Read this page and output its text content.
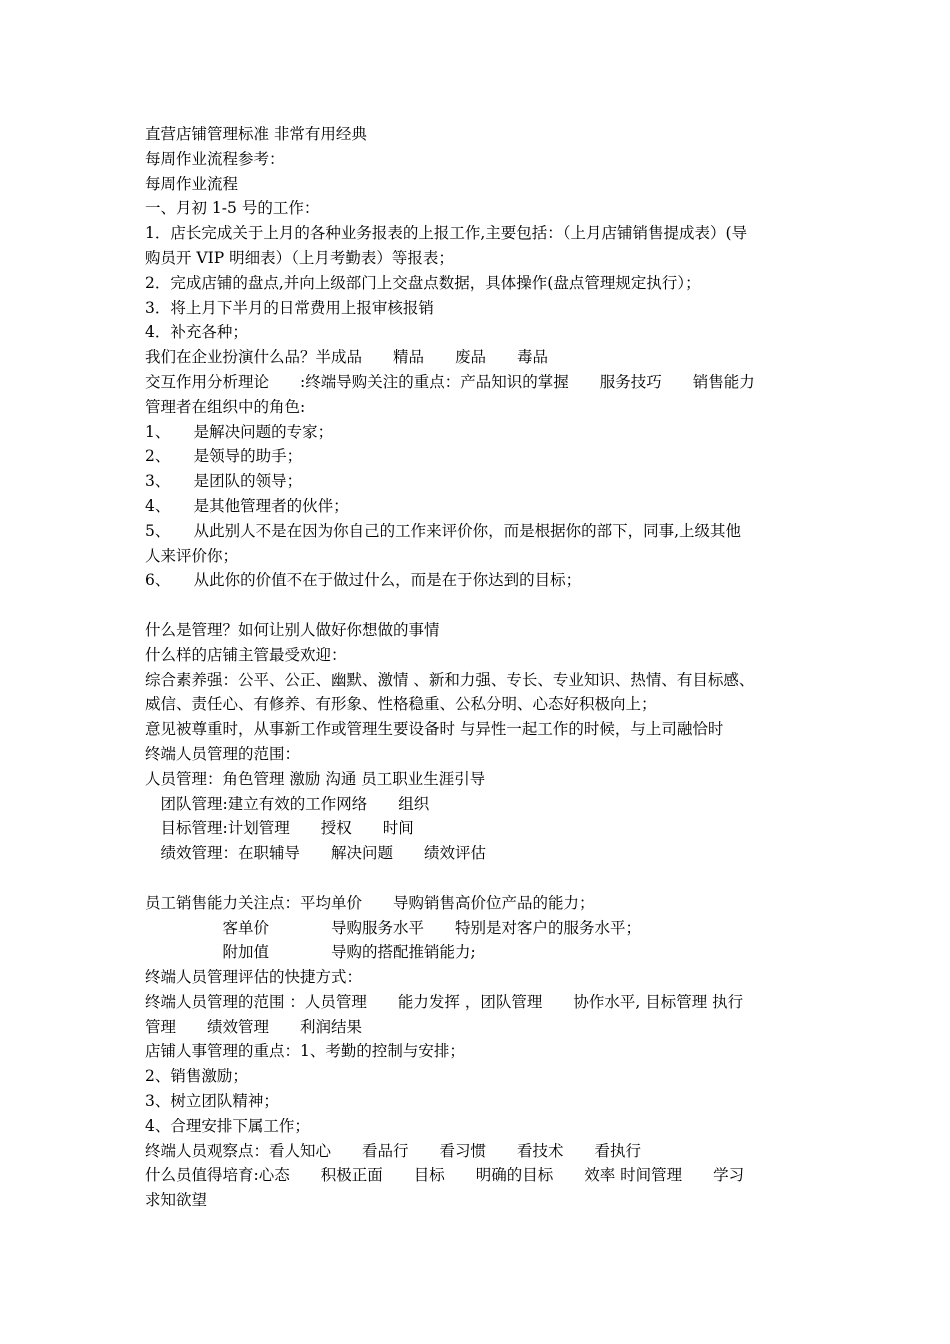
直营店铺管理标准 非常有用经典
每周作业流程参考：
每周作业流程
一、月初 1-5 号的工作：
1．店长完成关于上月的各种业务报表的上报工作,主要包括：（上月店铺销售提成表）(导
购员开 VIP 明细表）（上月考勤表）等报表；
2．完成店铺的盘点,并向上级部门上交盘点数据，具体操作(盘点管理规定执行）；
3．将上月下半月的日常费用上报审核报销
4．补充各种；
我们在企业扮演什么品？半成品　　精品　　废品　　毒品
交互作用分析理论　　:终端导购关注的重点：产品知识的掌握　　服务技巧　　销售能力
管理者在组织中的角色:
1、　　是解决问题的专家；
2、　　是领导的助手；
3、　　是团队的领导；
4、　　是其他管理者的伙伴；
5、　　从此别人不是在因为你自己的工作来评价你，而是根据你的部下，同事,上级其他
人来评价你；
6、　　从此你的价值不在于做过什么，而是在于你达到的目标；
什么是管理？如何让别人做好你想做的事情
什么样的店铺主管最受欢迎：
综合素养强：公平、公正、幽默、激情 、新和力强、专长、专业知识、热情、有目标感、
威信、责任心、有修养、有形象、性格稳重、公私分明、心态好积极向上；
意见被尊重时，从事新工作或管理生要设备时 与异性一起工作的时候，与上司融恰时
终端人员管理的范围：
人员管理：角色管理 激励 沟通 员工职业生涯引导
　团队管理:建立有效的工作网络　　组织
　目标管理:计划管理　　授权　　时间
　绩效管理：在职辅导　　解决问题　　绩效评估
员工销售能力关注点：平均单价　　导购销售高价位产品的能力；
　　　　　客单价　　　　导购服务水平　　特别是对客户的服务水平；
　　　　　附加值　　　　导购的搭配推销能力;
终端人员管理评估的快捷方式：
终端人员管理的范围 ：人员管理　　能力发挥 ，团队管理　　协作水平, 目标管理 执行
管理　　绩效管理　　利润结果
店铺人事管理的重点：1、考勤的控制与安排；
2、销售激励；
3、树立团队精神；
4、合理安排下属工作；
终端人员观察点：看人知心　　看品行　　看习惯　　看技术　　看执行
什么员值得培育:心态　　积极正面　　目标　　明确的目标　　效率 时间管理　　学习
求知欲望
